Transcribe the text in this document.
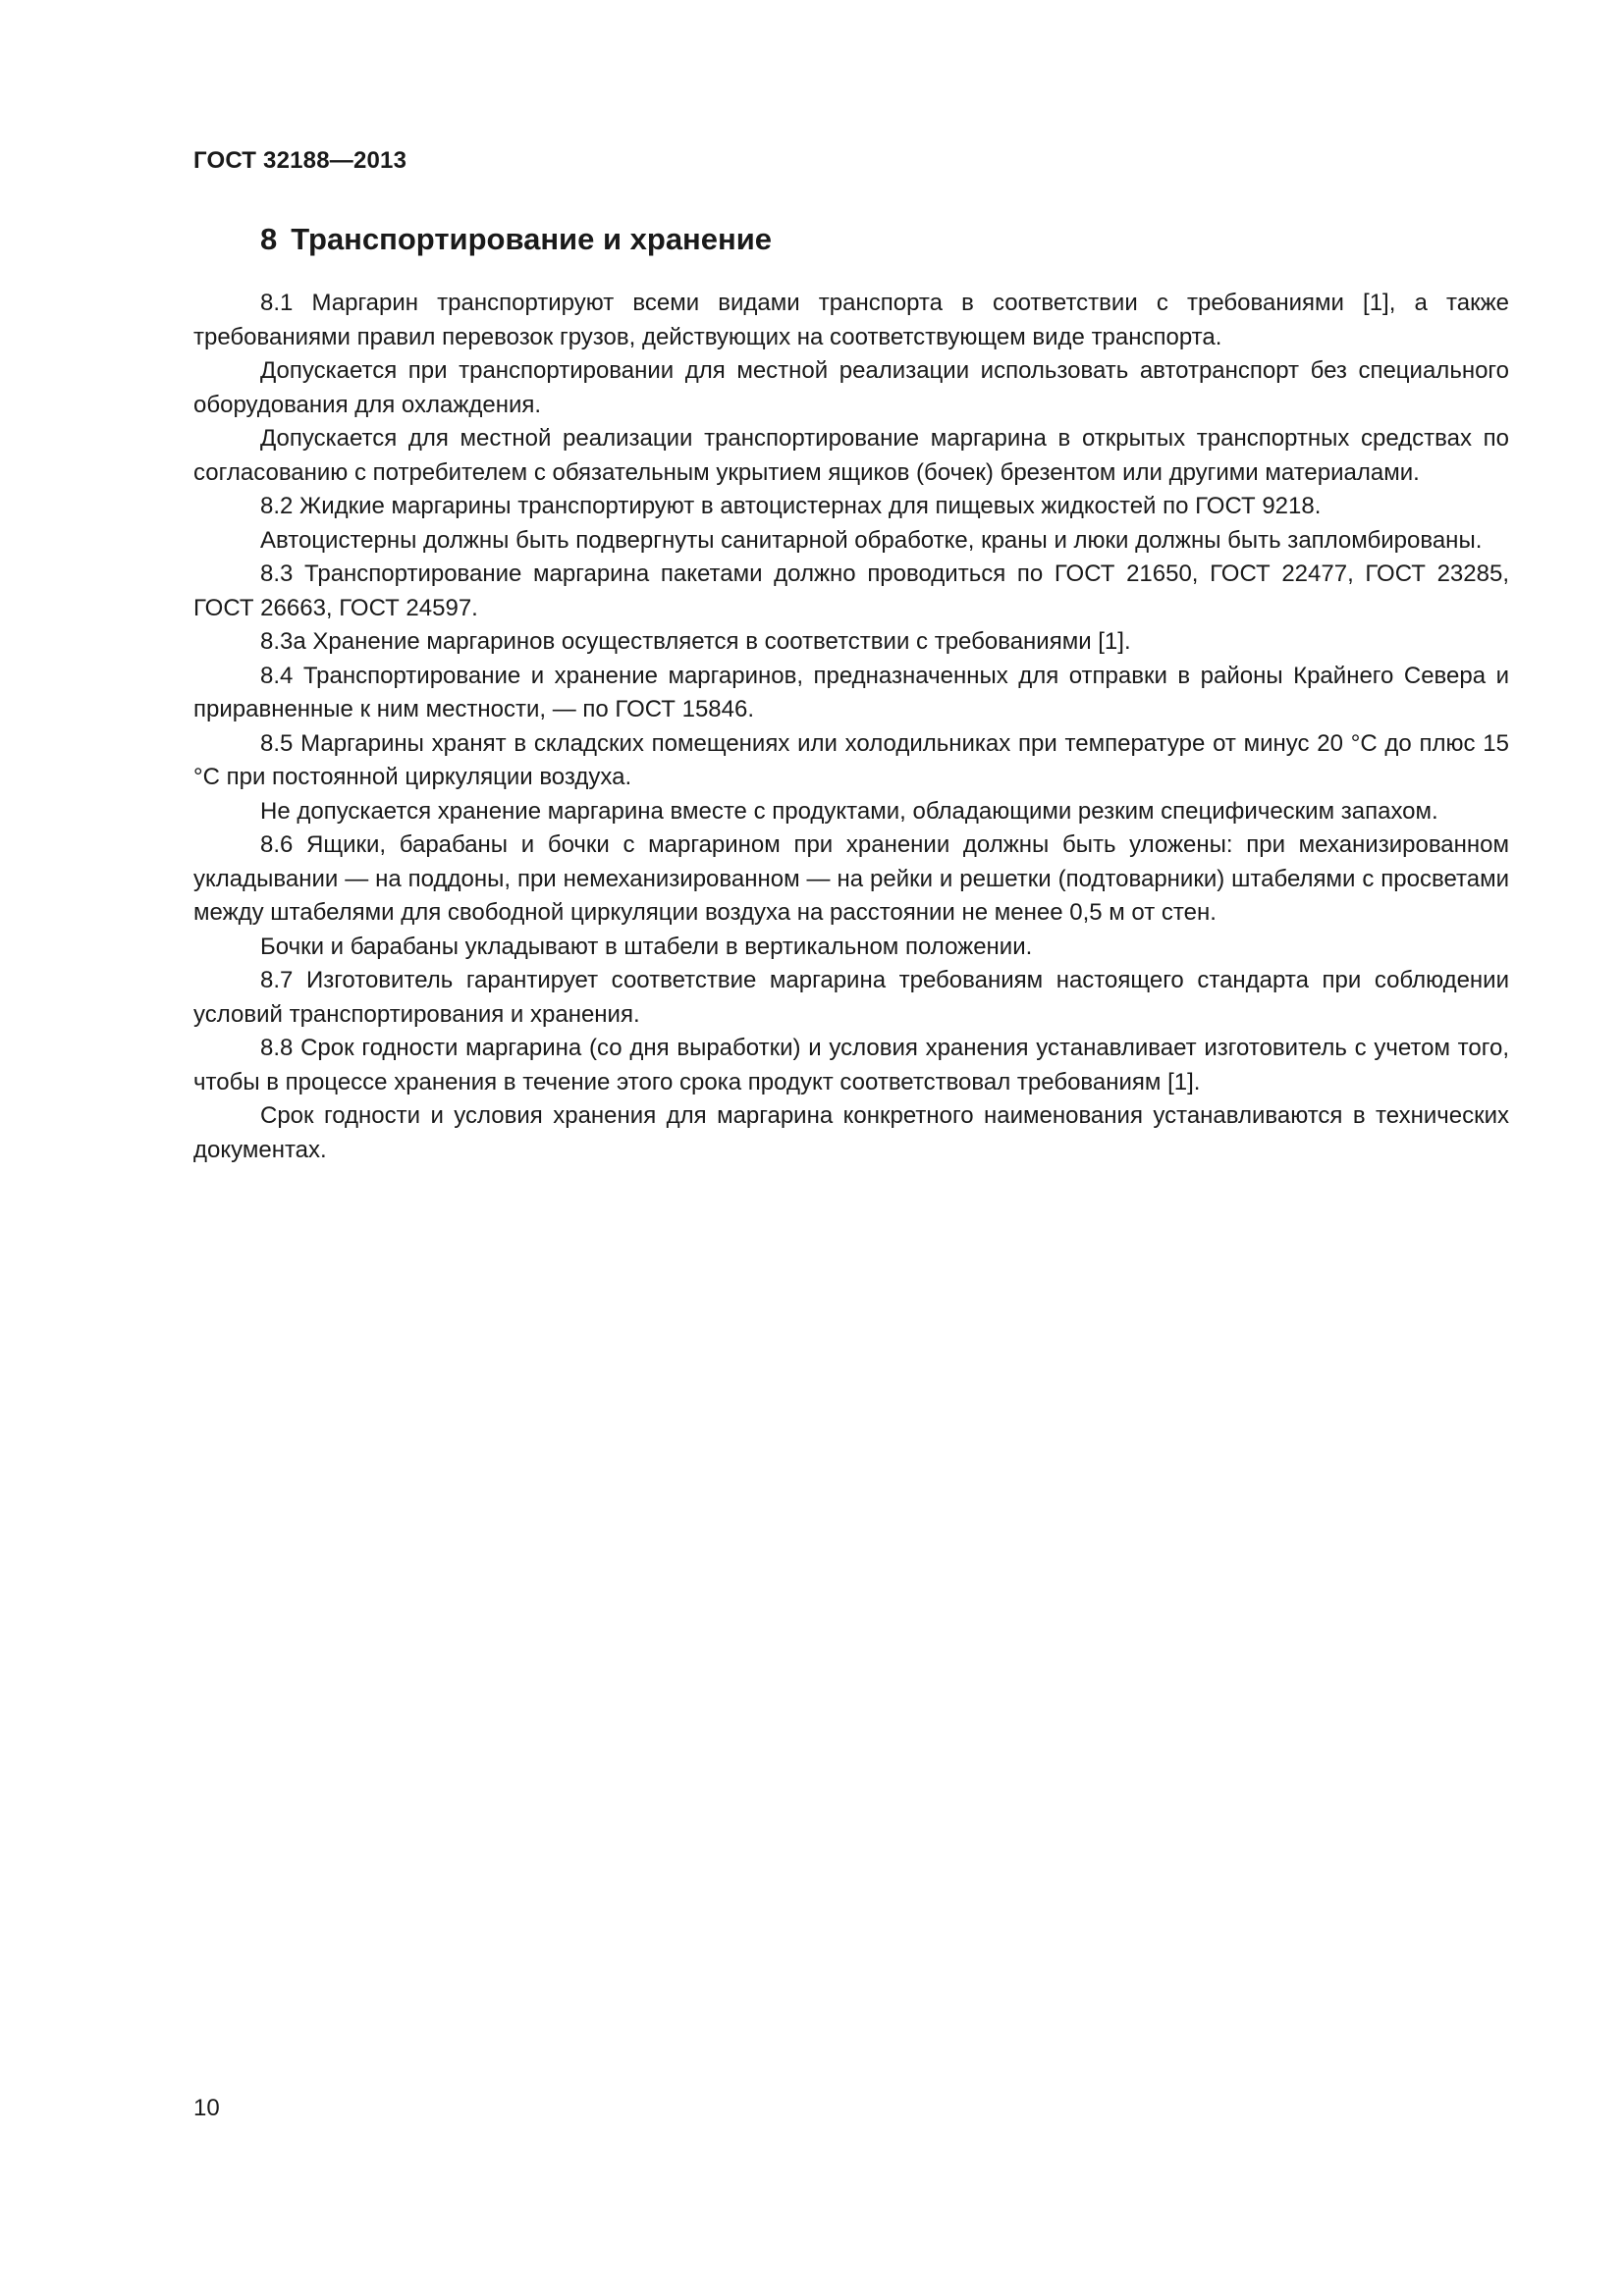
ГОСТ 32188—2013
8 Транспортирование и хранение

8.1 Маргарин транспортируют всеми видами транспорта в соответствии с требованиями [1], а также требованиями правил перевозок грузов, действующих на соответствующем виде транспорта.

Допускается при транспортировании для местной реализации использовать автотранспорт без специального оборудования для охлаждения.

Допускается для местной реализации транспортирование маргарина в открытых транспортных средствах по согласованию с потребителем с обязательным укрытием ящиков (бочек) брезентом или другими материалами.

8.2 Жидкие маргарины транспортируют в автоцистернах для пищевых жидкостей по ГОСТ 9218.

Автоцистерны должны быть подвергнуты санитарной обработке, краны и люки должны быть запломбированы.

8.3 Транспортирование маргарина пакетами должно проводиться по ГОСТ 21650, ГОСТ 22477, ГОСТ 23285, ГОСТ 26663, ГОСТ 24597.

8.3а Хранение маргаринов осуществляется в соответствии с требованиями [1].

8.4 Транспортирование и хранение маргаринов, предназначенных для отправки в районы Крайнего Севера и приравненные к ним местности, — по ГОСТ 15846.

8.5 Маргарины хранят в складских помещениях или холодильниках при температуре от минус 20 °С до плюс 15 °С при постоянной циркуляции воздуха.

Не допускается хранение маргарина вместе с продуктами, обладающими резким специфическим запахом.

8.6 Ящики, барабаны и бочки с маргарином при хранении должны быть уложены: при механизированном укладывании — на поддоны, при немеханизированном — на рейки и решетки (подтоварники) штабелями с просветами между штабелями для свободной циркуляции воздуха на расстоянии не менее 0,5 м от стен.

Бочки и барабаны укладывают в штабели в вертикальном положении.

8.7 Изготовитель гарантирует соответствие маргарина требованиям настоящего стандарта при соблюдении условий транспортирования и хранения.

8.8 Срок годности маргарина (со дня выработки) и условия хранения устанавливает изготовитель с учетом того, чтобы в процессе хранения в течение этого срока продукт соответствовал требованиям [1].

Срок годности и условия хранения для маргарина конкретного наименования устанавливаются в технических документах.

10
